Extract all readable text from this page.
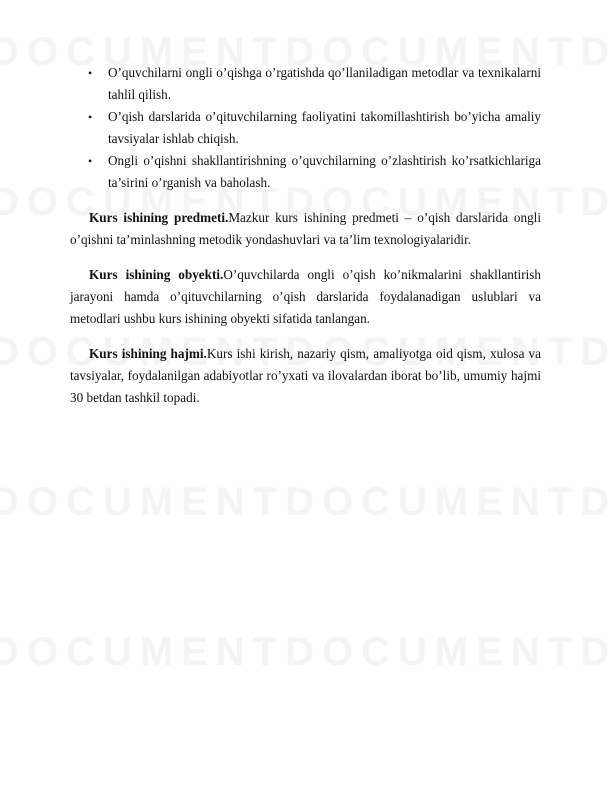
• O’quvchilarni ongli o’qishga o’rgatishda qo’llaniladigan metodlar va texnikalarni tahlil qilish.
• O’qish darslarida o’qituvchilarning faoliyatini takomillashtirish bo’yicha amaliy tavsiyalar ishlab chiqish.
• Ongli o’qishni shakllantirishning o’quvchilarning o’zlashtirish ko’rsatkichlariga ta’sirini o’rganish va baholash.

Kurs ishining predmeti.Mazkur kurs ishining predmeti – o’qish darslarida ongli o’qishni ta’minlashning metodik yondashuvlari va ta’lim texnologiyalaridir.

Kurs ishining obyekti.O’quvchilarda ongli o’qish ko’nikmalarini shakllantirish jarayoni hamda o’qituvchilarning o’qish darslarida foydalanadigan uslublari va metodlari ushbu kurs ishining obyekti sifatida tanlangan.

Kurs ishining hajmi.Kurs ishi kirish, nazariy qism, amaliyotga oid qism, xulosa va tavsiyalar, foydalanilgan adabiyotlar ro’yxati va ilovalardan iborat bo’lib, umumiy hajmi 30 betdan tashkil topadi.
